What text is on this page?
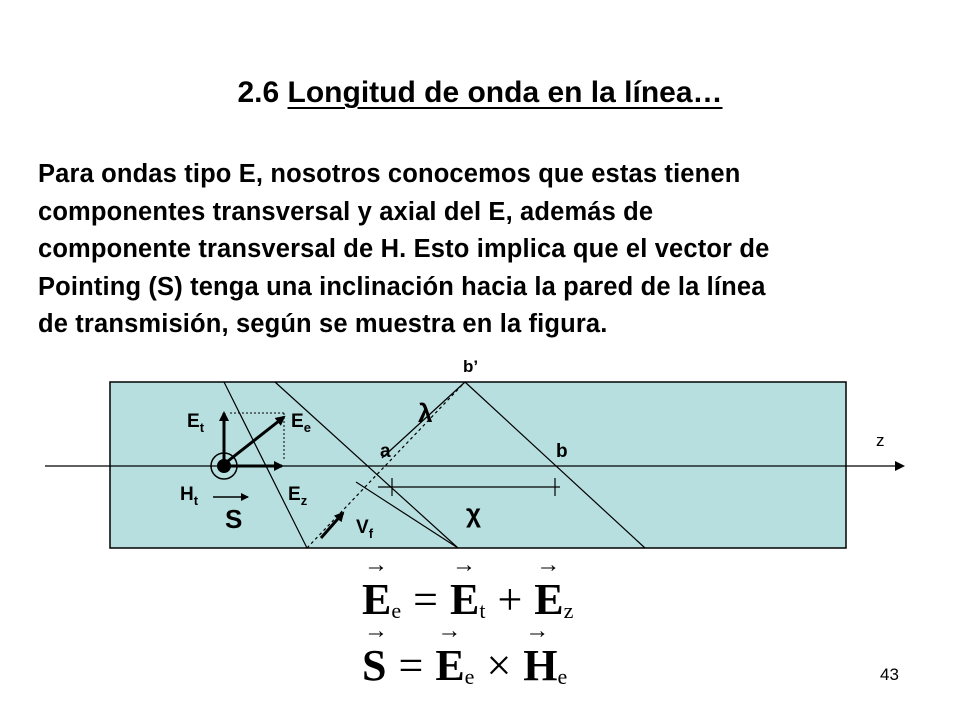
2.6 Longitud de onda en la línea…
Para ondas tipo E, nosotros conocemos que estas tienen
componentes transversal y axial del E, además de
componente transversal de H. Esto implica que el vector de
Pointing (S) tenga una inclinación hacia la pared de la línea
de transmisión, según se muestra en la figura.
b’
λ
a	b
z
χ
S
$E_t$	$E_e$
$H_t$	$E_z$
$V_f$
→ $E_e =\to E_t +\to E_z$
→ $S =\to E_e \times\to H_e$	43
